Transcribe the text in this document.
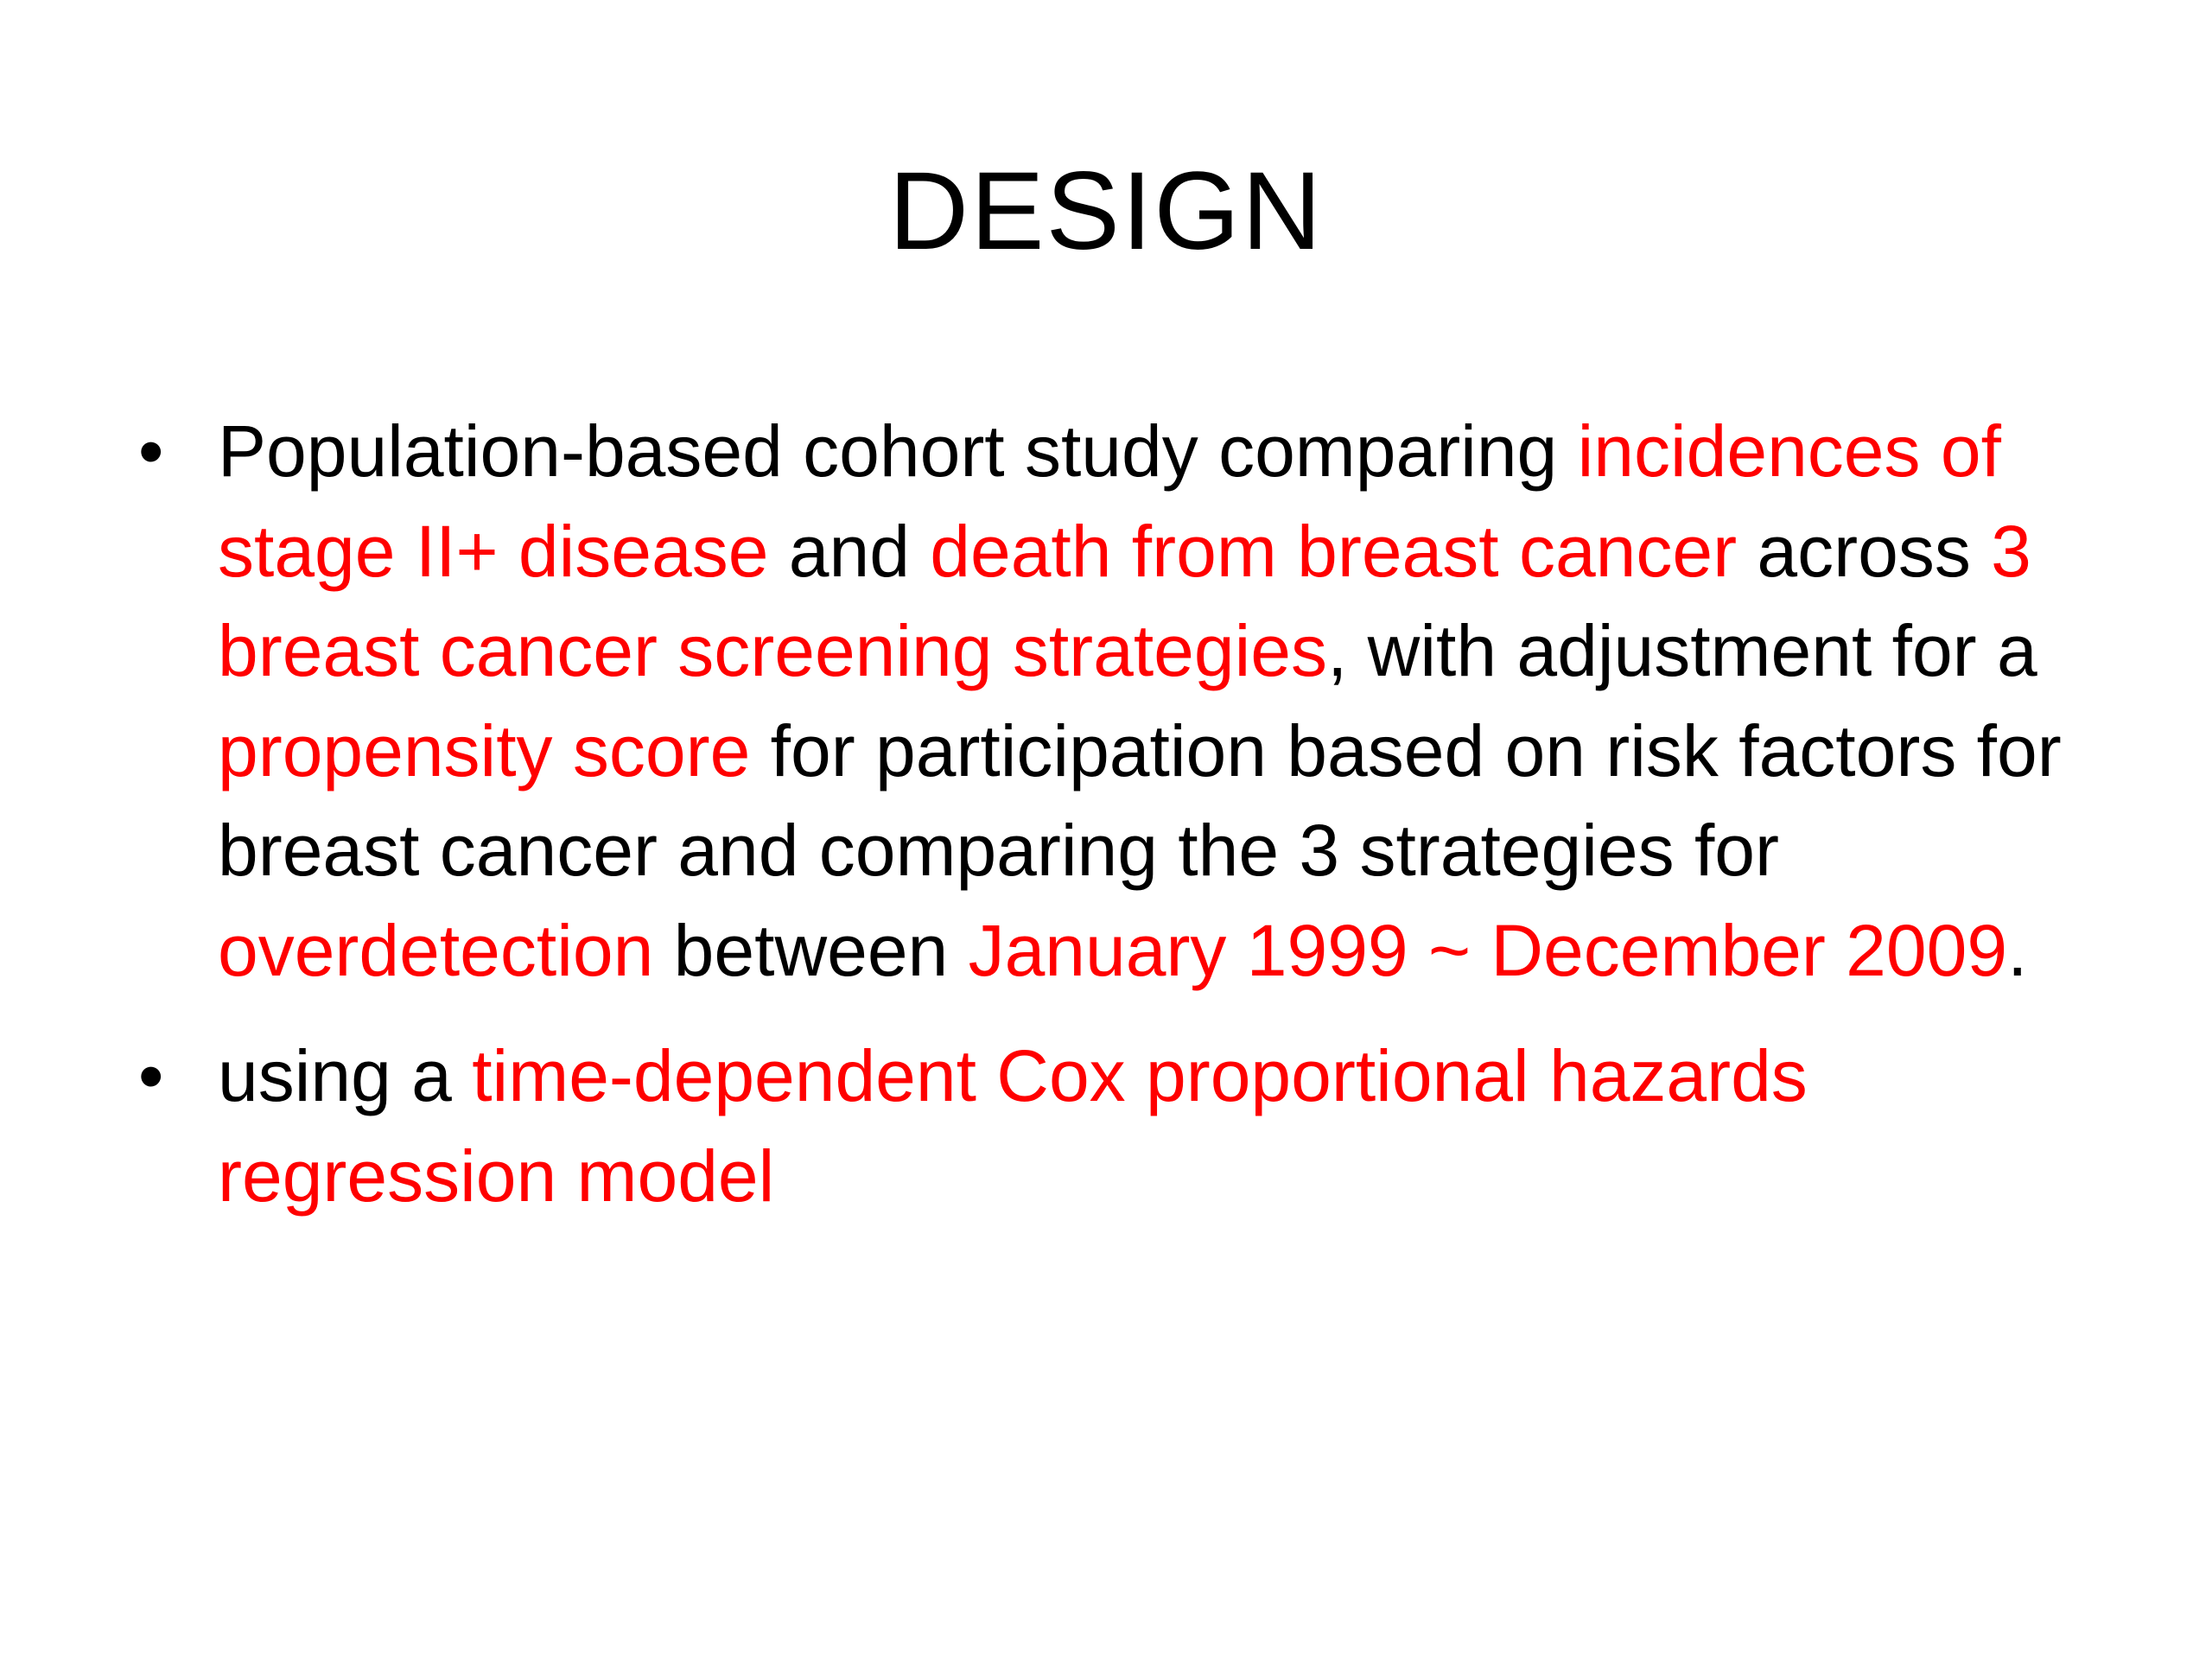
DESIGN
• Population-based cohort study comparing incidences of stage II+ disease and death from breast cancer across 3 breast cancer screening strategies, with adjustment for a propensity score for participation based on risk factors for breast cancer and comparing the 3 strategies for overdetection between January 1999 ~ December 2009.
• using a time-dependent Cox proportional hazards regression model
